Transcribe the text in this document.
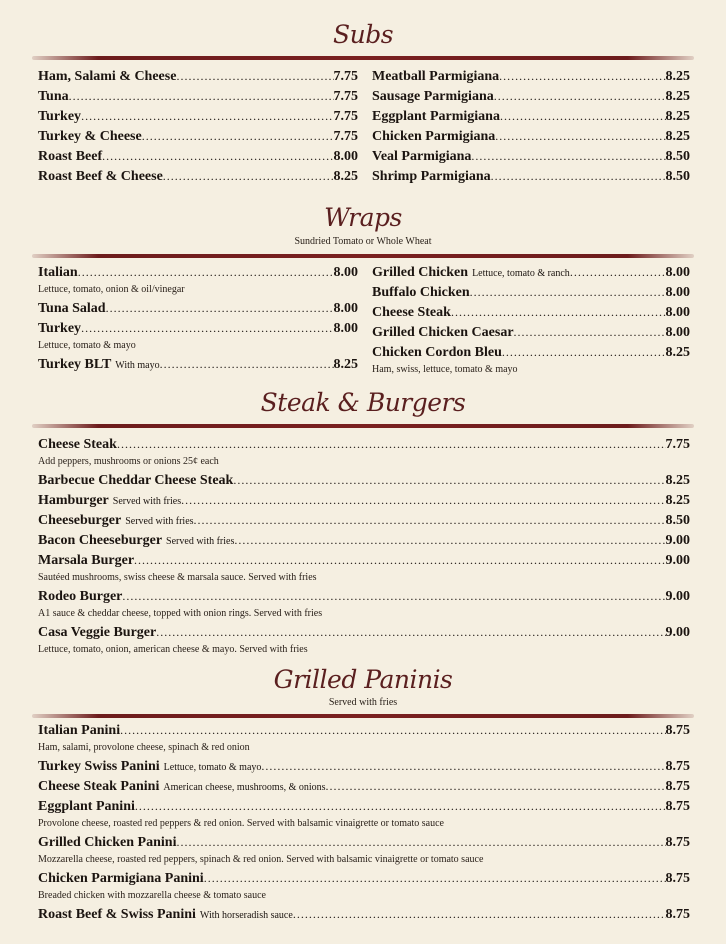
Subs
Ham, Salami & Cheese .....	7.75
Tuna .....	7.75
Turkey .....	7.75
Turkey & Cheese .....	7.75
Roast Beef .....	8.00
Roast Beef & Cheese .....	8.25
Meatball Parmigiana .....	8.25
Sausage Parmigiana .....	8.25
Eggplant Parmigiana .....	8.25
Chicken Parmigiana .....	8.25
Veal Parmigiana .....	8.50
Shrimp Parmigiana .....	8.50
Wraps
Sundried Tomato or Whole Wheat
Italian .....	8.00
Lettuce, tomato, onion & oil/vinegar
Tuna Salad .....	8.00
Turkey .....	8.00
Lettuce, tomato & mayo
Turkey BLT With mayo .....	8.25
Grilled Chicken Lettuce, tomato & ranch .....	8.00
Buffalo Chicken .....	8.00
Cheese Steak .....	8.00
Grilled Chicken Caesar .....	8.00
Chicken Cordon Bleu .....	8.25
Ham, swiss, lettuce, tomato & mayo
Steak & Burgers
Cheese Steak .....	7.75
Add peppers, mushrooms or onions 25¢ each
Barbecue Cheddar Cheese Steak .....	8.25
Hamburger Served with fries .....	8.25
Cheeseburger Served with fries .....	8.50
Bacon Cheeseburger Served with fries .....	9.00
Marsala Burger .....	9.00
Sautéed mushrooms, swiss cheese & marsala sauce. Served with fries
Rodeo Burger .....	9.00
A1 sauce & cheddar cheese, topped with onion rings. Served with fries
Casa Veggie Burger .....	9.00
Lettuce, tomato, onion, american cheese & mayo. Served with fries
Grilled Paninis
Served with fries
Italian Panini .....	8.75
Ham, salami, provolone cheese, spinach & red onion
Turkey Swiss Panini Lettuce, tomato & mayo .....	8.75
Cheese Steak Panini American cheese, mushrooms, & onions .....	8.75
Eggplant Panini .....	8.75
Provolone cheese, roasted red peppers & red onion. Served with balsamic vinaigrette or tomato sauce
Grilled Chicken Panini .....	8.75
Mozzarella cheese, roasted red peppers, spinach & red onion. Served with balsamic vinaigrette or tomato sauce
Chicken Parmigiana Panini .....	8.75
Breaded chicken with mozzarella cheese & tomato sauce
Roast Beef & Swiss Panini With horseradish sauce .....	8.75
